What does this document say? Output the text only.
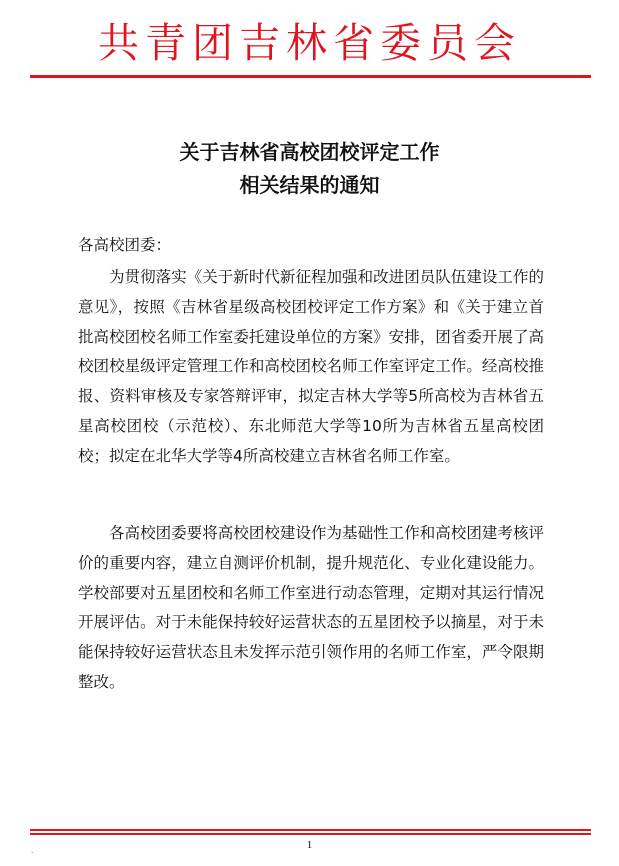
共青团吉林省委员会
关于吉林省高校团校评定工作
相关结果的通知
各高校团委：

为贯彻落实《关于新时代新征程加强和改进团员队伍建设工作的意见》，按照《吉林省星级高校团校评定工作方案》和《关于建立首批高校团校名师工作室委托建设单位的方案》安排，团省委开展了高校团校星级评定管理工作和高校团校名师工作室评定工作。经高校推报、资料审核及专家答辩评审，拟定吉林大学等5所高校为吉林省五星高校团校（示范校）、东北师范大学等10所为吉林省五星高校团校；拟定在北华大学等4所高校建立吉林省名师工作室。

各高校团委要将高校团校建设作为基础性工作和高校团建考核评价的重要内容，建立自测评价机制，提升规范化、专业化建设能力。学校部要对五星团校和名师工作室进行动态管理，定期对其运行情况开展评估。对于未能保持较好运营状态的五星团校予以摘星，对于未能保持较好运营状态且未发挥示范引领作用的名师工作室，严令限期整改。

1
.
